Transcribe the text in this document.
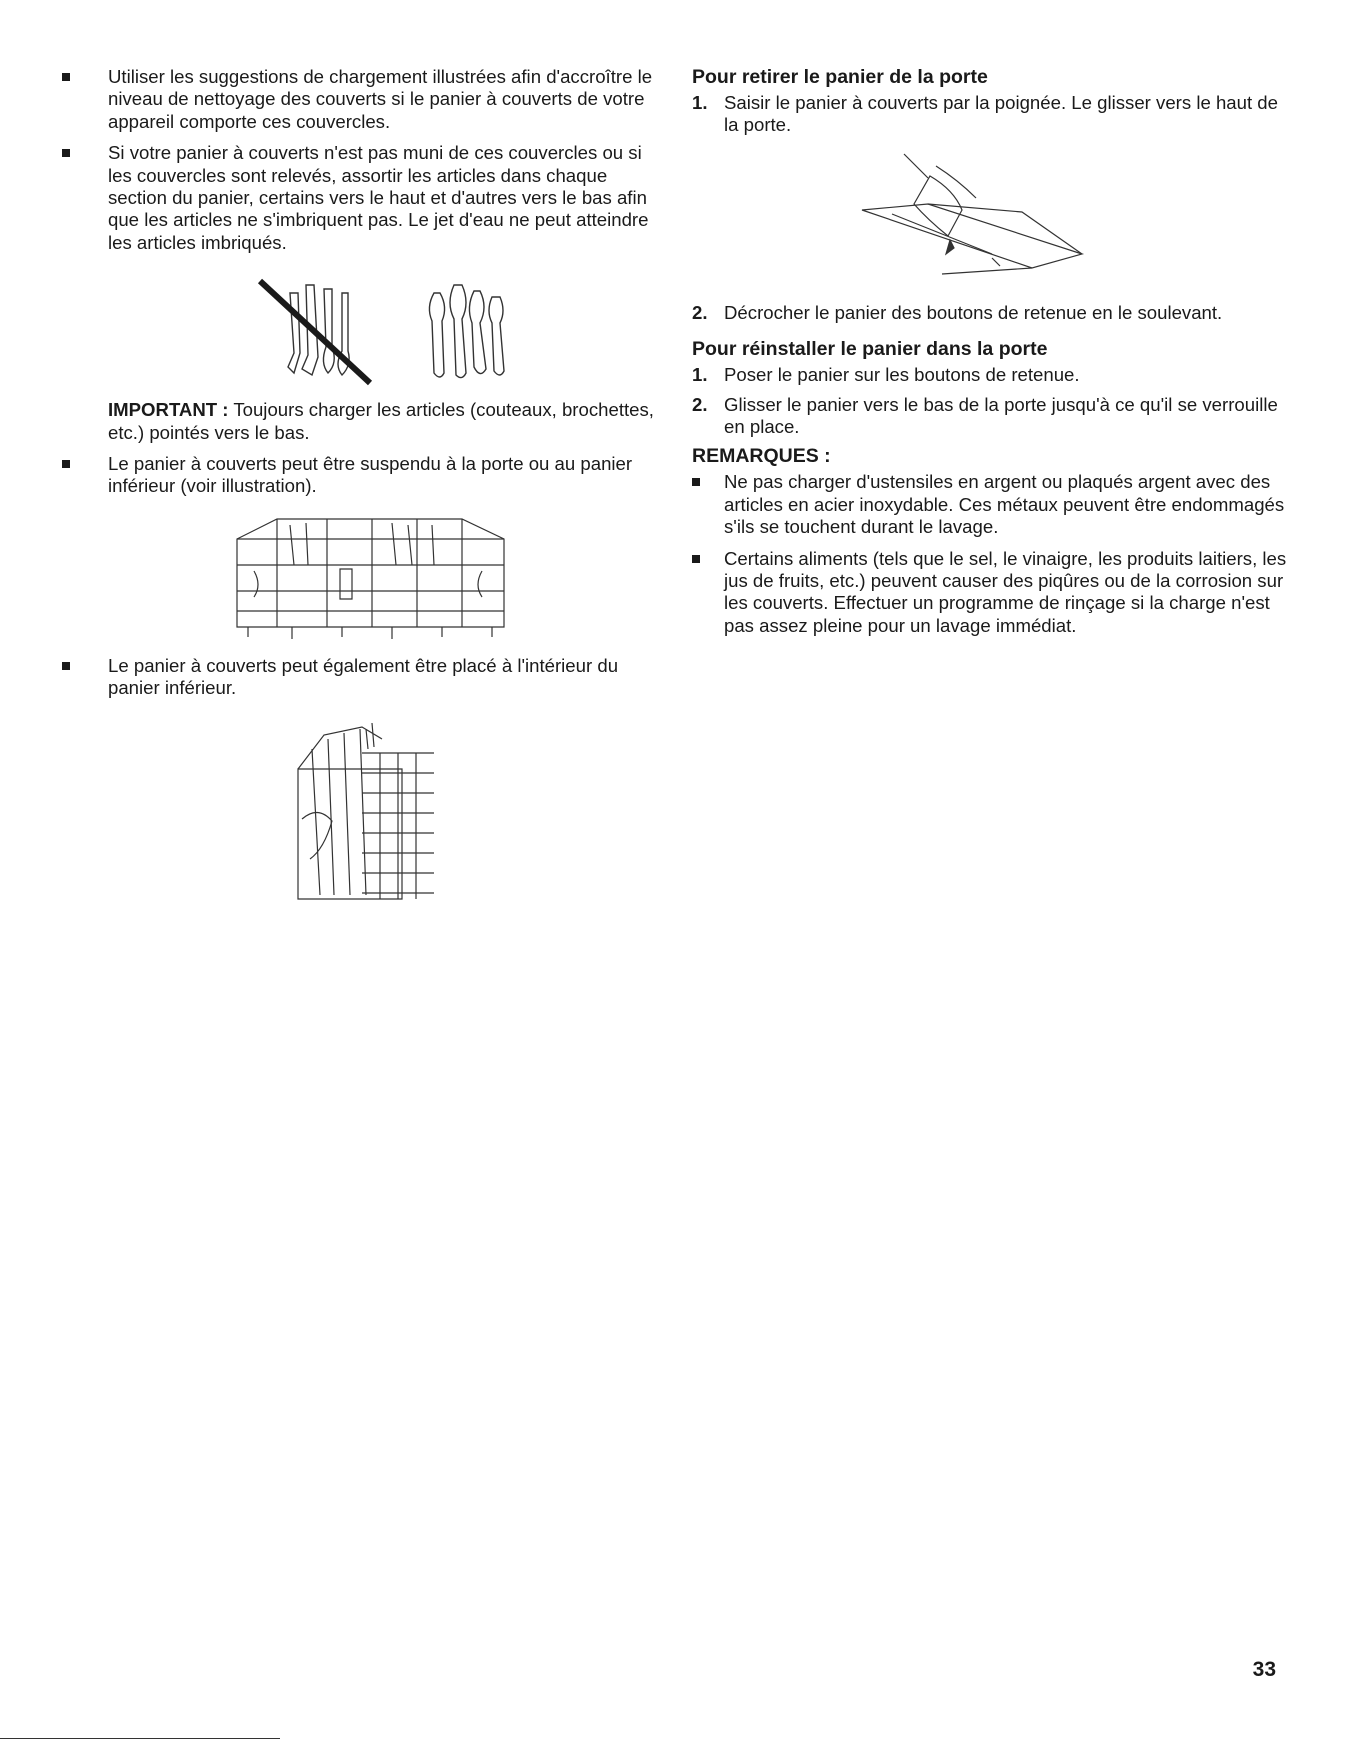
Utiliser les suggestions de chargement illustrées afin d'accroître le niveau de nettoyage des couverts si le panier à couverts de votre appareil comporte ces couvercles.
Si votre panier à couverts n'est pas muni de ces couvercles ou si les couvercles sont relevés, assortir les articles dans chaque section du panier, certains vers le haut et d'autres vers le bas afin que les articles ne s'imbriquent pas. Le jet d'eau ne peut atteindre les articles imbriqués.
IMPORTANT : Toujours charger les articles (couteaux, brochettes, etc.) pointés vers le bas.
Le panier à couverts peut être suspendu à la porte ou au panier inférieur (voir illustration).
Le panier à couverts peut également être placé à l'intérieur du panier inférieur.
Pour retirer le panier de la porte
1. Saisir le panier à couverts par la poignée. Le glisser vers le haut de la porte.
2. Décrocher le panier des boutons de retenue en le soulevant.
Pour réinstaller le panier dans la porte
1. Poser le panier sur les boutons de retenue.
2. Glisser le panier vers le bas de la porte jusqu'à ce qu'il se verrouille en place.
REMARQUES :
Ne pas charger d'ustensiles en argent ou plaqués argent avec des articles en acier inoxydable. Ces métaux peuvent être endommagés s'ils se touchent durant le lavage.
Certains aliments (tels que le sel, le vinaigre, les produits laitiers, les jus de fruits, etc.) peuvent causer des piqûres ou de la corrosion sur les couverts. Effectuer un programme de rinçage si la charge n'est pas assez pleine pour un lavage immédiat.
33
